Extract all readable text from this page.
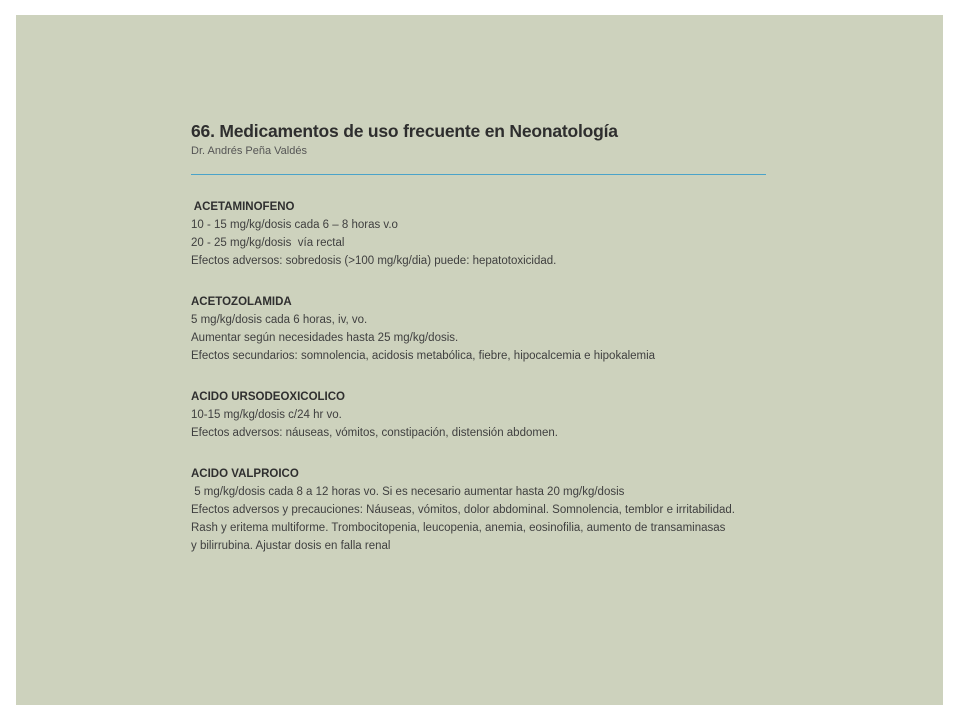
66. Medicamentos de uso frecuente en Neonatología

Dr. Andrés Peña Valdés

ACETAMINOFENO

10 - 15 mg/kg/dosis cada 6 – 8 horas v.o

20 - 25 mg/kg/dosis  vía rectal

Efectos adversos: sobredosis (>100 mg/kg/dia) puede: hepatotoxicidad.

ACETOZOLAMIDA

5 mg/kg/dosis cada 6 horas, iv, vo.

Aumentar según necesidades hasta 25 mg/kg/dosis.

Efectos secundarios: somnolencia, acidosis metabólica, fiebre, hipocalcemia e hipokalemia

ACIDO URSODEOXICOLICO

10-15 mg/kg/dosis c/24 hr vo.

Efectos adversos: náuseas, vómitos, constipación, distensión abdomen.

ACIDO VALPROICO

5 mg/kg/dosis cada 8 a 12 horas vo. Si es necesario aumentar hasta 20 mg/kg/dosis

Efectos adversos y precauciones: Náuseas, vómitos, dolor abdominal. Somnolencia, temblor e irritabilidad.

Rash y eritema multiforme. Trombocitopenia, leucopenia, anemia, eosinofilia, aumento de transaminasas

y bilirrubina. Ajustar dosis en falla renal
